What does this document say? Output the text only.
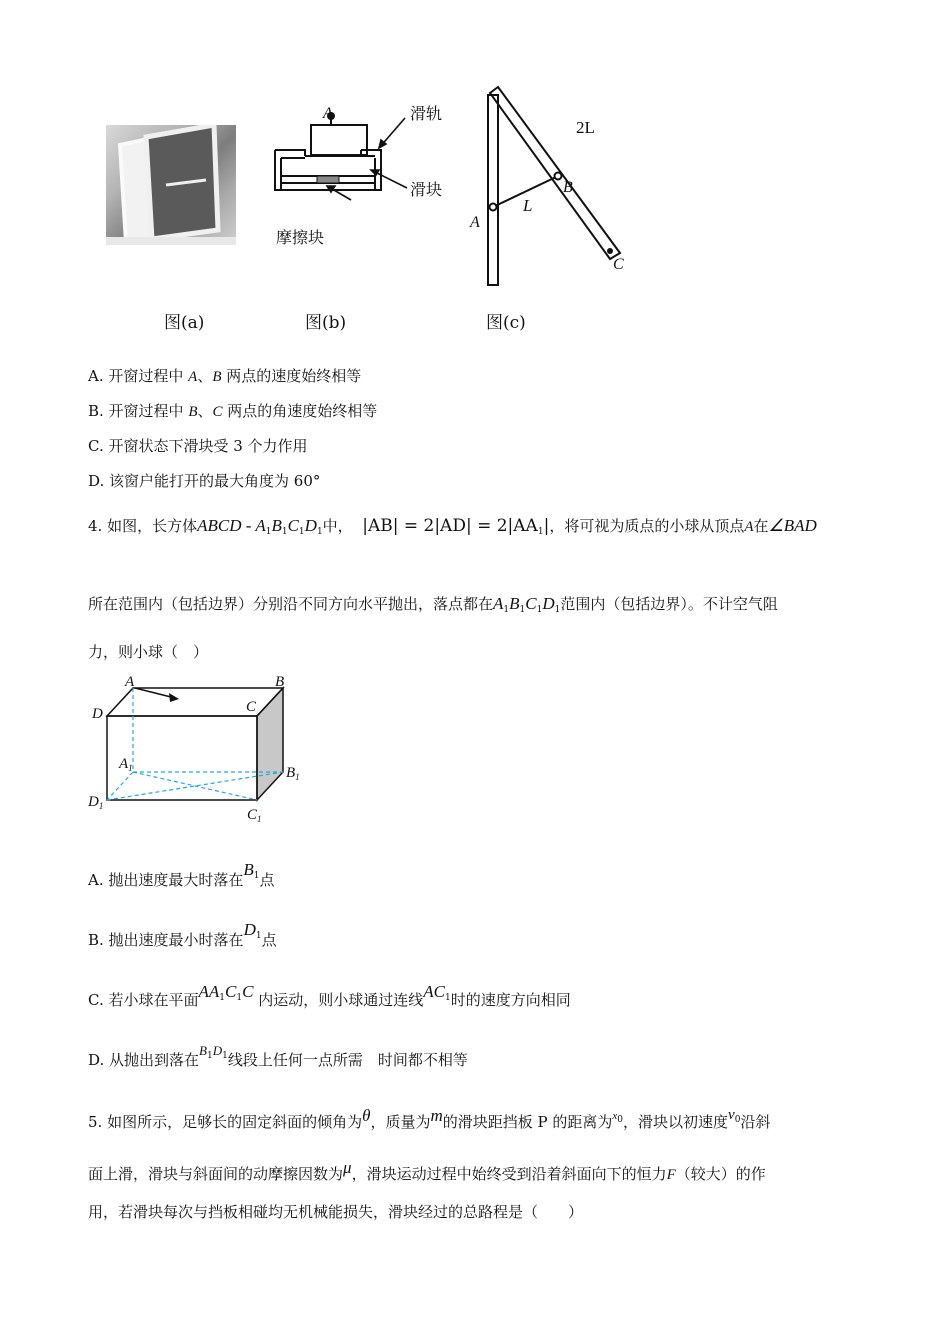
图(a)
A	滑轨
滑块
摩擦块
图(b)
2L
B
L
A
C
图(c)
A. 开窗过程中 A、B 两点的速度始终相等
B. 开窗过程中 B、C 两点的角速度始终相等
C. 开窗状态下滑块受 3 个力作用
D. 该窗户能打开的最大角度为 60°
4. 如图，长方体ABCD - $A_1B_1C_1D_1$中， $|AB| = 2|AD| = 2|AA_1|$，将可视为质点的小球从顶点A在∠BAD
所在范围内（包括边界）分别沿不同方向水平抛出，落点都在$A_1B_1C_1D_1$范围内（包括边界）。不计空气阻
力，则小球（　）
A	B
C
D
$A_1$	$B_1$
$D_1$
$C_1$
A. 抛出速度最大时落在$B_1$点
B. 抛出速度最小时落在$D_1$点
C. 若小球在平面$AA_1C_1C$ 内运动，则小球通过连线$AC_1$时的速度方向相同
D. 从抛出到落在$B_1D_1$线段上任何一点所需　时间都不相等
5. 如图所示，足够长的固定斜面的倾角为θ，质量为m的滑块距挡板 P 的距离为$^{x_0}$，滑块以初速度$v_0$沿斜
面上滑，滑块与斜面间的动摩擦因数为μ，滑块运动过程中始终受到沿着斜面向下的恒力F（较大）的作
用，若滑块每次与挡板相碰均无机械能损失，滑块经过的总路程是（　　）
